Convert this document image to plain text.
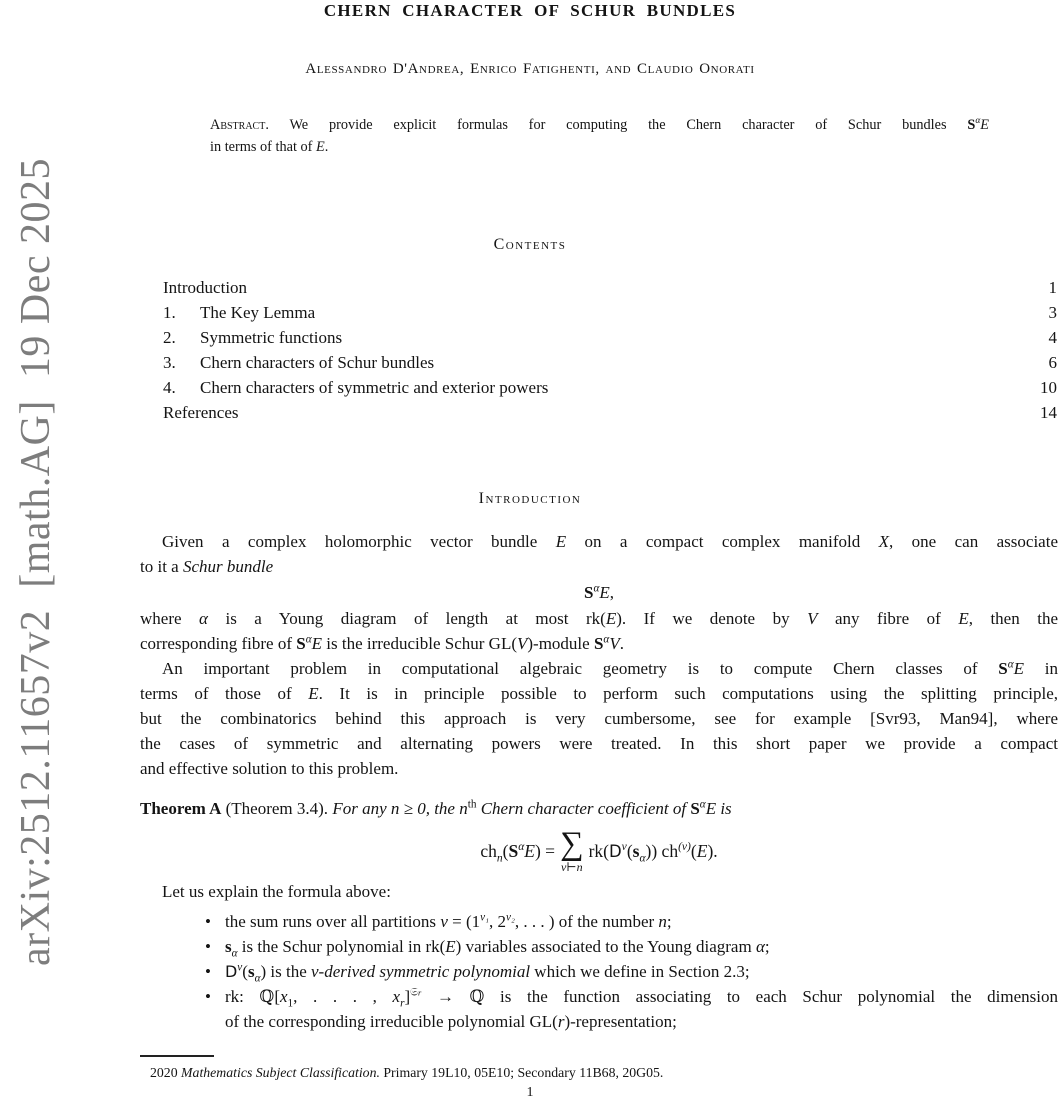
arXiv:2512.11657v2  [math.AG]  19 Dec 2025
CHERN CHARACTER OF SCHUR BUNDLES
Alessandro D'Andrea, Enrico Fatighenti, and Claudio Onorati
Abstract. We provide explicit formulas for computing the Chern character of Schur bundles $S^\alpha E$
in terms of that of E.
Contents
Introduction	1
1. The Key Lemma	3
2. Symmetric functions	4
3. Chern characters of Schur bundles	6
4. Chern characters of symmetric and exterior powers	10
References	14
Introduction
Given a complex holomorphic vector bundle E on a compact complex manifold X, one can associate
to it a Schur bundle
$S^\alpha E$,
where α is a Young diagram of length at most rk(E). If we denote by V any fibre of E, then the
corresponding fibre of $S^\alpha E$ is the irreducible Schur GL(V)-module $S^\alpha V$.
An important problem in computational algebraic geometry is to compute Chern classes of $S^\alpha E$ in
terms of those of E. It is in principle possible to perform such computations using the splitting principle,
but the combinatorics behind this approach is very cumbersome, see for example [Svr93, Man94], where
the cases of symmetric and alternating powers were treated. In this short paper we provide a compact
and effective solution to this problem.
Theorem A (Theorem 3.4). For any n ≥ 0, the $n^{th}$ Chern character coefficient of $S^\alpha E$ is
$ch_n(S^\alpha E)$ = ∑
ν⊢n
$rk(D^\nu(s_\alpha))$ $ch^{(\nu)}(E)$.
Let us explain the formula above:
• the sum runs over all partitions $\nu = (1^{\nu_1}$, $2^{\nu_2}$, . . . ) of the number n;
• $s_\alpha$ is the Schur polynomial in rk(E) variables associated to the Young diagram α;
• $D^\nu(s_\alpha)$ is the ν-derived symmetric polynomial which we define in Section 2.3;
• rk: $ℚ[x_1$, . . . , $x_r]^{𝔖r}$ → ℚ is the function associating to each Schur polynomial the dimension
of the corresponding irreducible polynomial GL(r)-representation;
2020 Mathematics Subject Classification. Primary 19L10, 05E10; Secondary 11B68, 20G05.
1
